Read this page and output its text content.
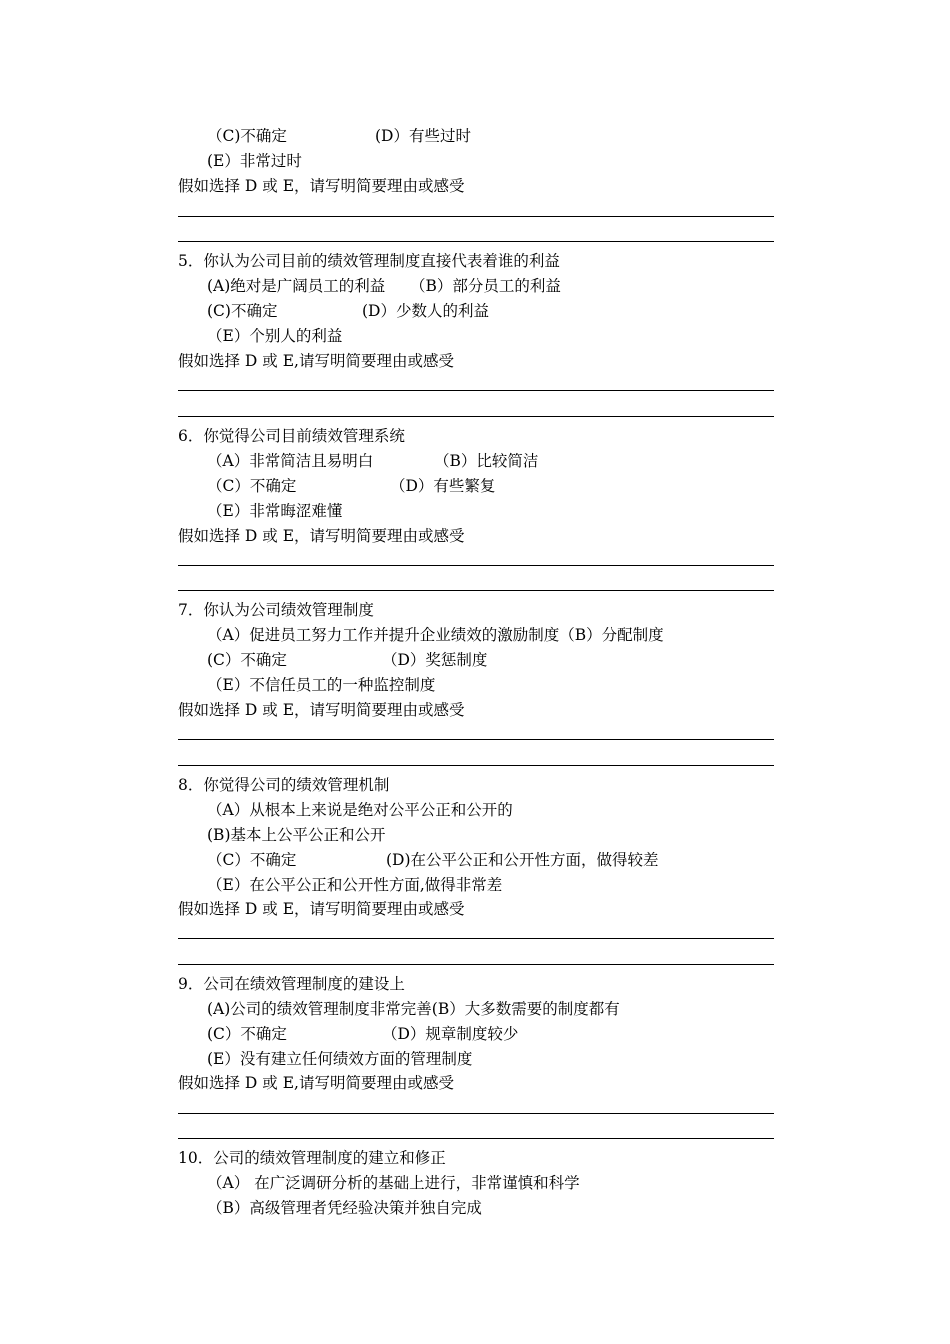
（C)不确定	(D）有些过时
(E）非常过时
假如选择 D 或 E，请写明简要理由或感受
5．你认为公司目前的绩效管理制度直接代表着谁的利益
(A)绝对是广阔员工的利益 （B）部分员工的利益
(C)不确定	(D）少数人的利益
（E）个别人的利益
假如选择 D 或 E,请写明简要理由或感受
6．你觉得公司目前绩效管理系统
（A）非常简洁且易明白	（B）比较简洁
（C）不确定	（D）有些繁复
（E）非常晦涩难懂
假如选择 D 或 E，请写明简要理由或感受
7．你认为公司绩效管理制度
（A）促进员工努力工作并提升企业绩效的激励制度（B）分配制度
(C）不确定	（D）奖惩制度
（E）不信任员工的一种监控制度
假如选择 D 或 E，请写明简要理由或感受
8．你觉得公司的绩效管理机制
（A）从根本上来说是绝对公平公正和公开的
(B)基本上公平公正和公开
（C）不确定	(D)在公平公正和公开性方面，做得较差
（E）在公平公正和公开性方面,做得非常差
假如选择 D 或 E，请写明简要理由或感受
9．公司在绩效管理制度的建设上
(A)公司的绩效管理制度非常完善(B）大多数需要的制度都有
(C）不确定	（D）规章制度较少
(E）没有建立任何绩效方面的管理制度
假如选择 D 或 E,请写明简要理由或感受
10．公司的绩效管理制度的建立和修正
（A） 在广泛调研分析的基础上进行，非常谨慎和科学
（B）高级管理者凭经验决策并独自完成
